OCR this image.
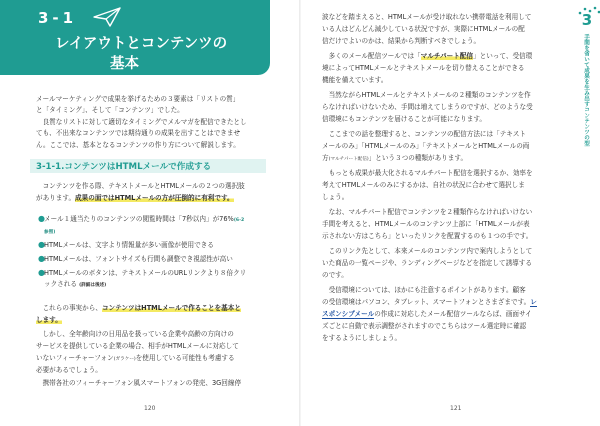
3-1
レイアウトとコンテンツの
基本
メールマーケティングで成果を挙げるための３要素は「リストの質」
と「タイミング」、そして「コンテンツ」でした。
　良質なリストに対して適切なタイミングでメルマガを配信できたとし
ても、不出来なコンテンツでは期待通りの成果を出すことはできませ
ん。ここでは、基本となるコンテンツの作り方について解説します。
3-1-1.コンテンツはHTMLメールで作成する
　コンテンツを作る際、テキストメールとHTMLメールの２つの選択肢
があります。成果の面ではHTMLメールの方が圧倒的に有利です。
● メール１通当たりのコンテンツの閲覧時間は「7秒以内」が76%(6-2
参照)
● HTMLメールは、文字より情報量が多い画像が使用できる
● HTMLメールは、フォントサイズも行間も調整でき視認性が高い
● HTMLメールのボタンは、テキストメールのURLリンクより８倍クリ
ックされる (詳細は後述)
　これらの事実から、コンテンツはHTMLメールで作ることを基本と
します。
　しかし、全年齢向けの日用品を扱っている企業や高齢の方向けの
サービスを提供している企業の場合、相手がHTMLメールに対応して
いないフィーチャーフォン(ガラケー)を使用している可能性も考慮する
必要があるでしょう。
　携帯各社のフィーチャーフォン風スマートフォンの発売、3G回線停
120
波などを踏まえると、HTMLメールが受け取れない携帯電話を利用して
いる人はどんどん減少している状況ですが、実際にHTMLメールの配
信だけでよいのかは、結果から判断すべきでしょう。
　多くのメール配信ツールでは「マルチパート配信」といって、受信環
境によってHTMLメールとテキストメールを切り替えることができる
機能を備えています。
　当然ながらHTMLメールとテキストメールの２種類のコンテンツを作
らなければいけないため、手間は増えてしまうのですが、どのような受
信環境にもコンテンツを届けることが可能になります。
　ここまでの話を整理すると、コンテンツの配信方法には「テキスト
メールのみ」「HTMLメールのみ」「テキストメールとHTMLメールの両
方(マルチパート配信)」という３つの種類があります。
　もっとも成果が最大化されるマルチパート配信を選択するか、効率を
考えてHTMLメールのみにするかは、自社の状況に合わせて選択しま
しょう。
　なお、マルチパート配信でコンテンツを２種類作らなければいけない
手間を考えると、HTMLメールのコンテンツ上部に「HTMLメールが表
示されない方はこちら」といったリンクを配置するのも１つの手です。
　このリンク先として、本来メールのコンテンツ内で案内しようとして
いた商品の一覧ページや、ランディングページなどを指定して誘導する
のです。
　受信環境については、ほかにも注意するポイントがあります。顧客
の受信環境はパソコン、タブレット、スマートフォンとさまざまです。レ
スポンシブメールの作成に対応したメール配信ツールならば、画面サイ
ズごとに自動で表示調整がされますのでこちらはツール選定時に確認
をするようにしましょう。
3
手間を省いて成果を生み出すコンテンツの型
121
